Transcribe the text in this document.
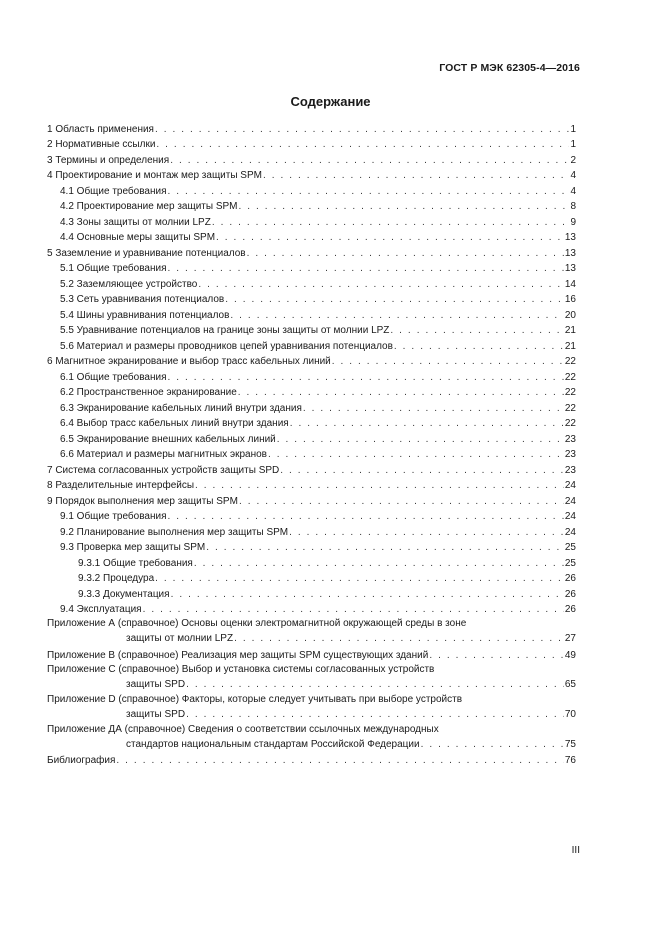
ГОСТ Р МЭК 62305-4—2016
Содержание
1 Область применения . . .	1
2 Нормативные ссылки . . .	1
3 Термины и определения . . .	2
4 Проектирование и монтаж мер защиты SPM . . .	4
4.1 Общие требования . . .	4
4.2 Проектирование мер защиты SPM . . .	8
4.3 Зоны защиты от молнии LPZ . . .	9
4.4 Основные меры защиты SPM . . .	13
5 Заземление и уравнивание потенциалов . . .	13
5.1 Общие требования . . .	13
5.2 Заземляющее устройство . . .	14
5.3 Сеть уравнивания потенциалов . . .	16
5.4 Шины уравнивания потенциалов . . .	20
5.5 Уравнивание потенциалов на границе зоны защиты от молнии LPZ . . .	21
5.6 Материал и размеры проводников цепей уравнивания потенциалов . . .	21
6 Магнитное экранирование и выбор трасс кабельных линий . . .	22
6.1 Общие требования . . .	22
6.2 Пространственное экранирование . . .	22
6.3 Экранирование кабельных линий внутри здания . . .	22
6.4 Выбор трасс кабельных линий внутри здания . . .	22
6.5 Экранирование внешних кабельных линий . . .	23
6.6 Материал и размеры магнитных экранов . . .	23
7 Система согласованных устройств защиты SPD . . .	23
8 Разделительные интерфейсы . . .	24
9 Порядок выполнения мер защиты SPM . . .	24
9.1 Общие требования . . .	24
9.2 Планирование выполнения мер защиты SPM . . .	24
9.3 Проверка мер защиты SPM . . .	25
9.3.1 Общие требования . . .	25
9.3.2 Процедура . . .	26
9.3.3 Документация . . .	26
9.4 Эксплуатация . . .	26
Приложение А (справочное) Основы оценки электромагнитной окружающей среды в зоне
защиты от молнии LPZ . . .	27
Приложение В (справочное) Реализация мер защиты SPM существующих зданий . . .	49
Приложение С (справочное) Выбор и установка системы согласованных устройств
защиты SPD . . .	65
Приложение D (справочное) Факторы, которые следует учитывать при выборе устройств
защиты SPD . . .	70
Приложение ДА (справочное) Сведения о соответствии ссылочных международных
стандартов национальным стандартам Российской Федерации . . .	75
Библиография . . .	76
III
